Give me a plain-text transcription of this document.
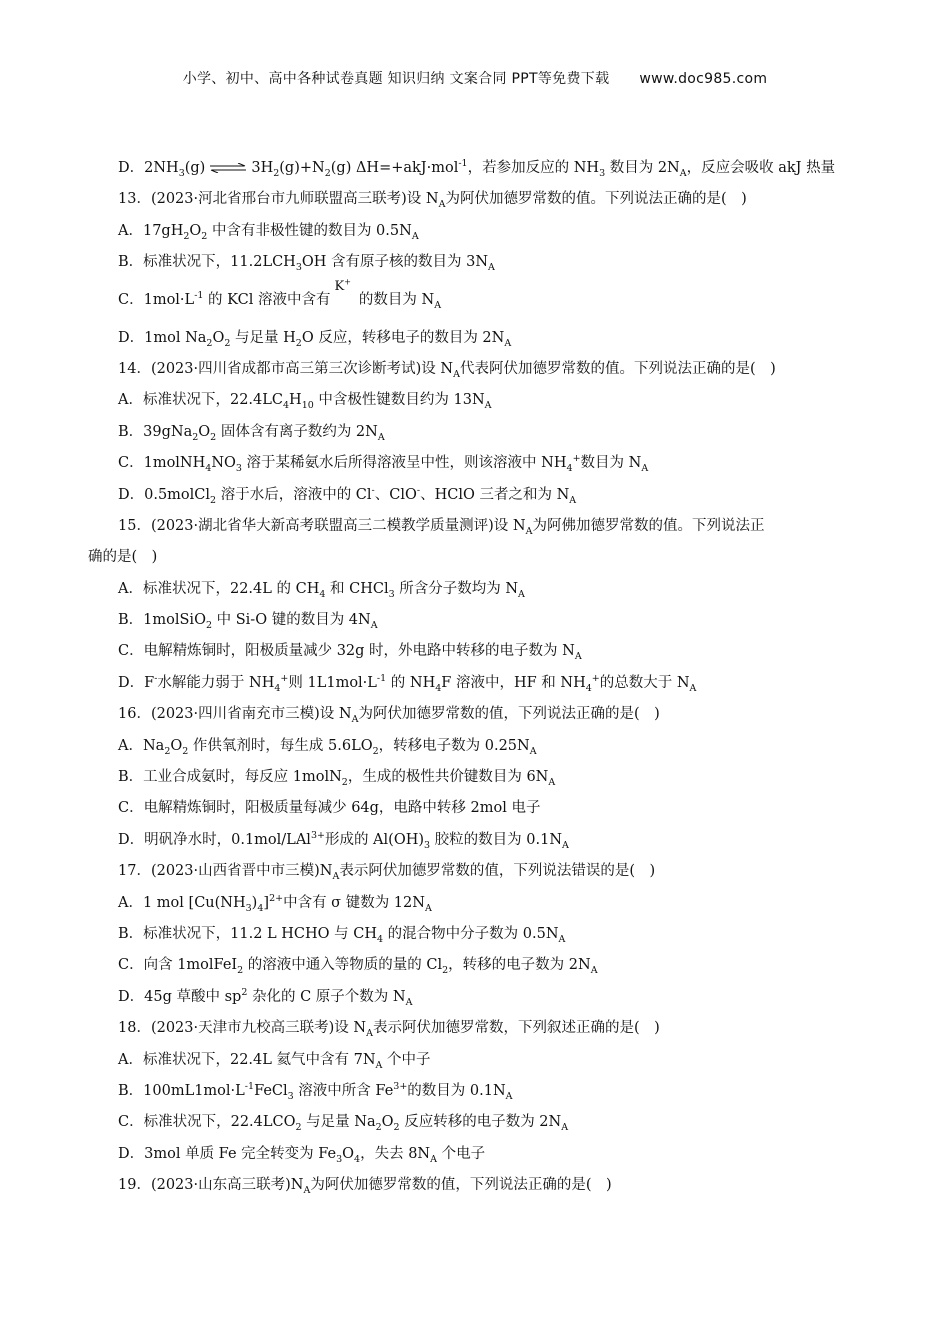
小学、初中、高中各种试卷真题 知识归纳 文案合同 PPT等免费下载 www.doc985.com
D．$2NH_3(g)$ ⇌ $3H_2(g)+N_2(g)$ ΔH=+akJ·mol$^{-1}$，若参加反应的 $NH_3$ 数目为 $2N_A$，反应会吸收 akJ 热量
13．(2023·河北省邢台市九师联盟高三联考)设 $N_A$为阿伏加德罗常数的值。下列说法正确的是(　)
A．$17gH_2O_2$ 中含有非极性键的数目为 $0.5N_A$
B．标准状况下，$11.2LCH_3OH$ 含有原子核的数目为 $3N_A$
C．$1mol\cdot L^{-1}$ 的 KCl 溶液中含有K+的数目为 $N_A$
D．1mol $Na_2O_2$ 与足量 $H_2O$ 反应，转移电子的数目为 $2N_A$
14．(2023·四川省成都市高三第三次诊断考试)设 $N_A$代表阿伏加德罗常数的值。下列说法正确的是(　)
A．标准状况下，$22.4LC_4H_{10}$ 中含极性键数目约为 $13N_A$
B．$39gNa_2O_2$ 固体含有离子数约为 $2N_A$
C．$1molNH_4NO_3$ 溶于某稀氨水后所得溶液呈中性，则该溶液中 $NH_4^+$数目为 $N_A$
D．0.5molCl$_2$ 溶于水后，溶液中的 Cl-、ClO-、HClO 三者之和为 $N_A$
15．(2023·湖北省华大新高考联盟高三二模教学质量测评)设 $N_A$为阿佛加德罗常数的值。下列说法正
确的是(　)
A．标准状况下，22.4L 的 $CH_4$ 和 CHCl$_3$ 所含分子数均为 $N_A$
B．1molSiO$_2$ 中 Si-O 键的数目为 $4N_A$
C．电解精炼铜时，阳极质量减少 32g 时，外电路中转移的电子数为 $N_A$
D．F-水解能力弱于 $NH_4^+$则 $1L1mol\cdot L^{-1}$ 的 $NH_4F$ 溶液中，HF 和 $NH_4^+$的总数大于 $N_A$
16．(2023·四川省南充市三模)设 $N_A$为阿伏加德罗常数的值，下列说法正确的是(　)
A．$Na_2O_2$ 作供氧剂时，每生成 $5.6LO_2$，转移电子数为 $0.25N_A$
B．工业合成氨时，每反应 1molN$_2$，生成的极性共价键数目为 $6N_A$
C．电解精炼铜时，阳极质量每减少 64g，电路中转移 2mol 电子
D．明矾净水时，0.1mol/LAl$^{3+}$形成的 $Al(OH)_3$ 胶粒的数目为 $0.1N_A$
17．(2023·山西省晋中市三模)$N_A$表示阿伏加德罗常数的值，下列说法错误的是(　)
A．1 mol $[Cu(NH_3)_4]^{2+}$中含有 σ 键数为 $12N_A$
B．标准状况下，11.2 L HCHO 与 $CH_4$ 的混合物中分子数为 $0.5N_A$
C．向含 1molFeI$_2$ 的溶液中通入等物质的量的 $Cl_2$，转移的电子数为 $2N_A$
D．45g 草酸中 $sp^2$ 杂化的 C 原子个数为 $N_A$
18．(2023·天津市九校高三联考)设 $N_A$表示阿伏加德罗常数，下列叙述正确的是(　)
A．标准状况下，22.4L 氦气中含有 $7N_A$ 个中子
B．$100mL1mol\cdot L^{-1}FeCl_3$ 溶液中所含 $Fe^{3+}$的数目为 $0.1N_A$
C．标准状况下，$22.4LCO_2$ 与足量 $Na_2O_2$ 反应转移的电子数为 $2N_A$
D．3mol 单质 Fe 完全转变为 $Fe_3O_4$，失去 $8N_A$ 个电子
19．(2023·山东高三联考)$N_A$为阿伏加德罗常数的值，下列说法正确的是(　)
